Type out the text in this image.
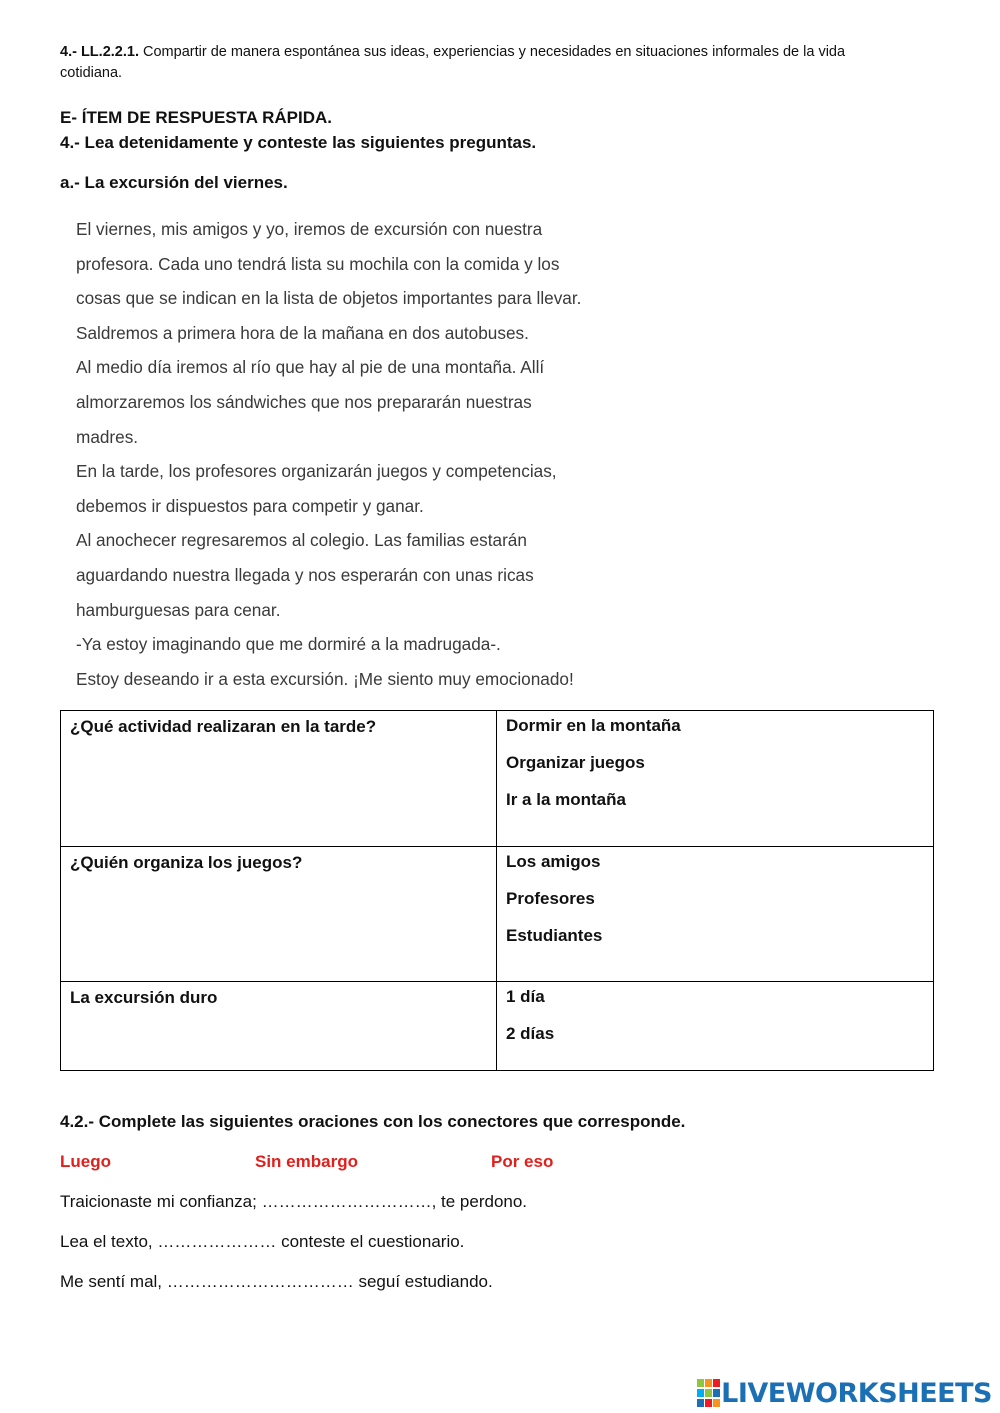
4.- LL.2.2.1. Compartir de manera espontánea sus ideas, experiencias y necesidades en situaciones informales de la vida cotidiana.
E- ÍTEM DE RESPUESTA RÁPIDA.
4.- Lea detenidamente y conteste las siguientes preguntas.
a.- La excursión del viernes.
El viernes, mis amigos y yo, iremos de excursión con nuestra
profesora. Cada uno tendrá lista su mochila con la comida y los
cosas que se indican en la lista de objetos importantes para llevar.
Saldremos a primera hora de la mañana en dos autobuses.
Al medio día iremos al río que hay al pie de una montaña. Allí
almorzaremos los sándwiches que nos prepararán nuestras
madres.
En la tarde, los profesores organizarán juegos y competencias,
debemos ir dispuestos para competir y ganar.
Al anochecer regresaremos al colegio. Las familias estarán
aguardando nuestra llegada y nos esperarán con unas ricas
hamburguesas para cenar.
-Ya estoy imaginando que me dormiré a la madrugada-.
Estoy deseando ir a esta excursión. ¡Me siento muy emocionado!
¿Qué actividad realizaran en la tarde?	Dormir en la montaña
Organizar juegos
Ir a la montaña

¿Quién organiza los juegos?	Los amigos
Profesores
Estudiantes

La excursión duro	1 día
2 días
4.2.- Complete las siguientes oraciones con los conectores que corresponde.
Luego	Sin embargo	Por eso
Traicionaste mi confianza; …………………………, te perdono.
Lea el texto, ………………… conteste el cuestionario.
Me sentí mal, …………………………… seguí estudiando.
LIVEWORKSHEETS
